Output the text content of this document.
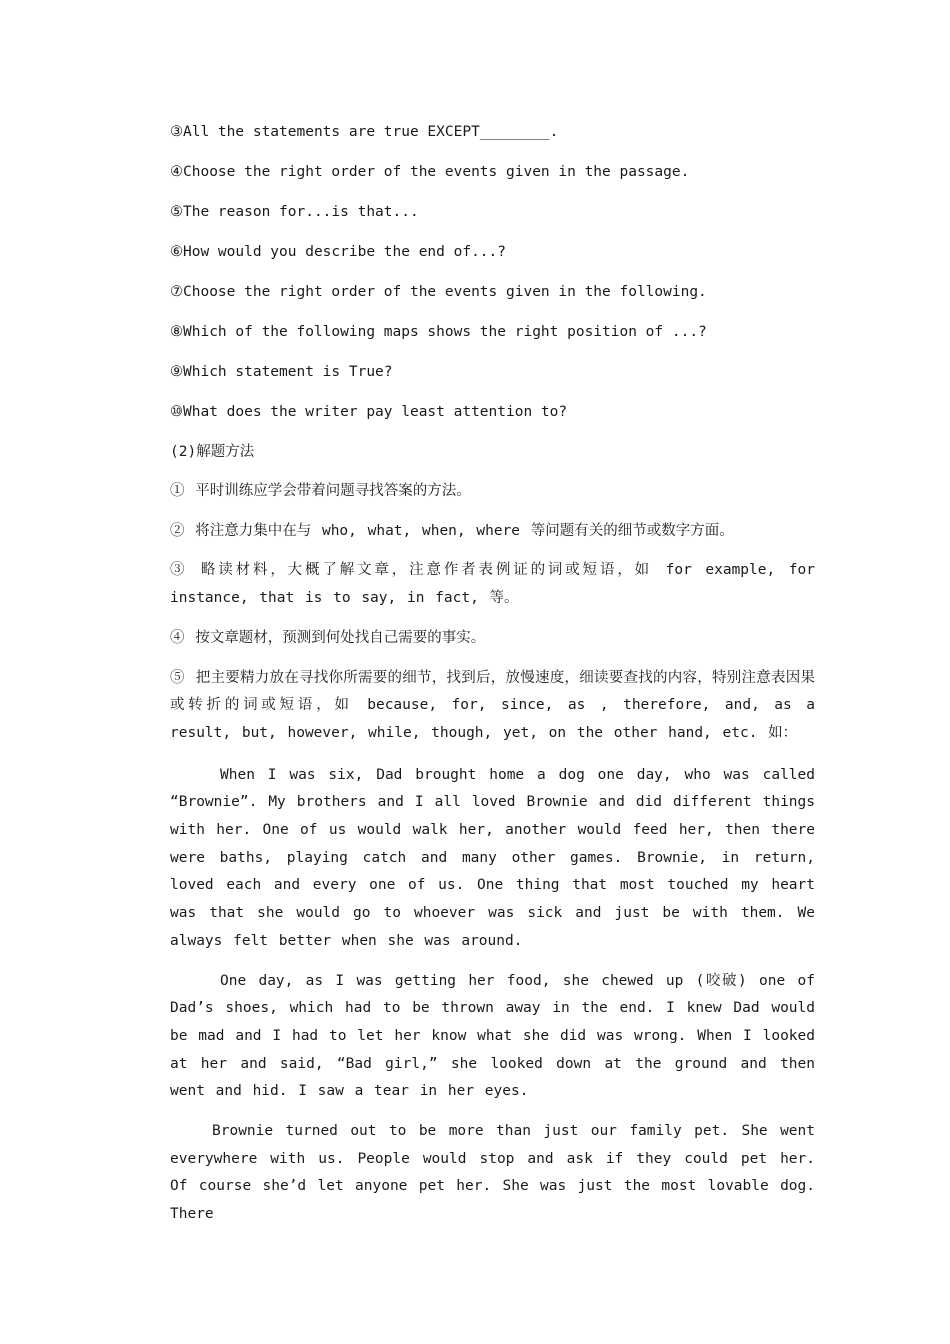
③All the statements are true EXCEPT________.

④Choose the right order of the events given in the passage.

⑤The reason for...is that...

⑥How would you describe the end of...?

⑦Choose the right order of the events given in the following.

⑧Which of the following maps shows the right position of ...?

⑨Which statement is True?

⑩What does the writer pay least attention to?

(2)解题方法

① 平时训练应学会带着问题寻找答案的方法。

② 将注意力集中在与 who, what, when, where 等问题有关的细节或数字方面。

③ 略读材料，大概了解文章，注意作者表例证的词或短语，如 for example, for instance, that is to say, in fact, 等。

④ 按文章题材，预测到何处找自己需要的事实。

⑤ 把主要精力放在寻找你所需要的细节，找到后，放慢速度，细读要查找的内容，特别注意表因果或转折的词或短语，如 because, for, since, as , therefore, and, as a result, but, however, while, though, yet, on the other hand, etc. 如：

When I was six, Dad brought home a dog one day, who was called “Brownie”. My brothers and I all loved Brownie and did different things with her. One of us would walk her, another would feed her, then there were baths, playing catch and many other games. Brownie, in return, loved each and every one of us. One thing that most touched my heart was that she would go to whoever was sick and just be with them. We always felt better when she was around.

One day, as I was getting her food, she chewed up (咬破) one of Dad’s shoes, which had to be thrown away in the end. I knew Dad would be mad and I had to let her know what she did was wrong. When I looked at her and said, “Bad girl,” she looked down at the ground and then went and hid. I saw a tear in her eyes.

Brownie turned out to be more than just our family pet. She went everywhere with us. People would stop and ask if they could pet her. Of course she’d let anyone pet her. She was just the most lovable dog. There
